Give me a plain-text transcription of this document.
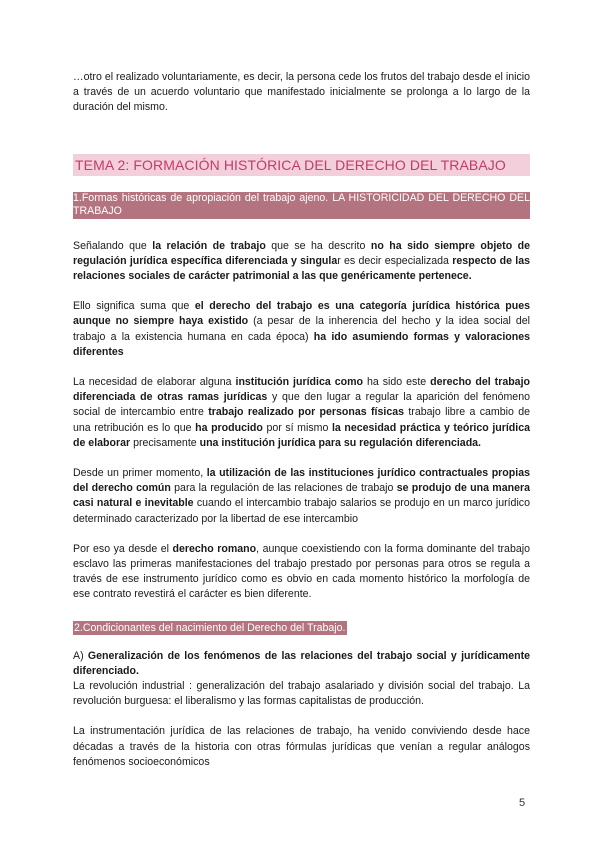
…otro el realizado voluntariamente, es decir, la persona cede los frutos del trabajo desde el inicio a través de un acuerdo voluntario que manifestado inicialmente se prolonga a lo largo de la duración del mismo.

TEMA 2: FORMACIÓN HISTÓRICA DEL DERECHO DEL TRABAJO

1.Formas históricas de apropiación del trabajo ajeno. LA HISTORICIDAD DEL DERECHO DEL TRABAJO

Señalando que la relación de trabajo que se ha descrito no ha sido siempre objeto de regulación jurídica específica diferenciada y singular es decir especializada respecto de las relaciones sociales de carácter patrimonial a las que genéricamente pertenece.

Ello significa suma que el derecho del trabajo es una categoría jurídica histórica pues aunque no siempre haya existido (a pesar de la inherencia del hecho y la idea social del trabajo a la existencia humana en cada época) ha ido asumiendo formas y valoraciones diferentes

La necesidad de elaborar alguna institución jurídica como ha sido este derecho del trabajo diferenciada de otras ramas jurídicas y que den lugar a regular la aparición del fenómeno social de intercambio entre trabajo realizado por personas físicas trabajo libre a cambio de una retribución es lo que ha producido por sí mismo la necesidad práctica y teórico jurídica de elaborar precisamente una institución jurídica para su regulación diferenciada.

Desde un primer momento, la utilización de las instituciones jurídico contractuales propias del derecho común para la regulación de las relaciones de trabajo se produjo de una manera casi natural e inevitable cuando el intercambio trabajo salarios se produjo en un marco jurídico determinado caracterizado por la libertad de ese intercambio

Por eso ya desde el derecho romano, aunque coexistiendo con la forma dominante del trabajo esclavo las primeras manifestaciones del trabajo prestado por personas para otros se regula a través de ese instrumento jurídico como es obvio en cada momento histórico la morfología de ese contrato revestirá el carácter es bien diferente.

2.Condicionantes del nacimiento del Derecho del Trabajo.

A) Generalización de los fenómenos de las relaciones del trabajo social y jurídicamente diferenciado.

La revolución industrial : generalización del trabajo asalariado y división social del trabajo. La revolución burguesa: el liberalismo y las formas capitalistas de producción.

La instrumentación jurídica de las relaciones de trabajo, ha venido conviviendo desde hace décadas a través de la historia con otras fórmulas jurídicas que venían a regular análogos fenómenos socioeconómicos

5
